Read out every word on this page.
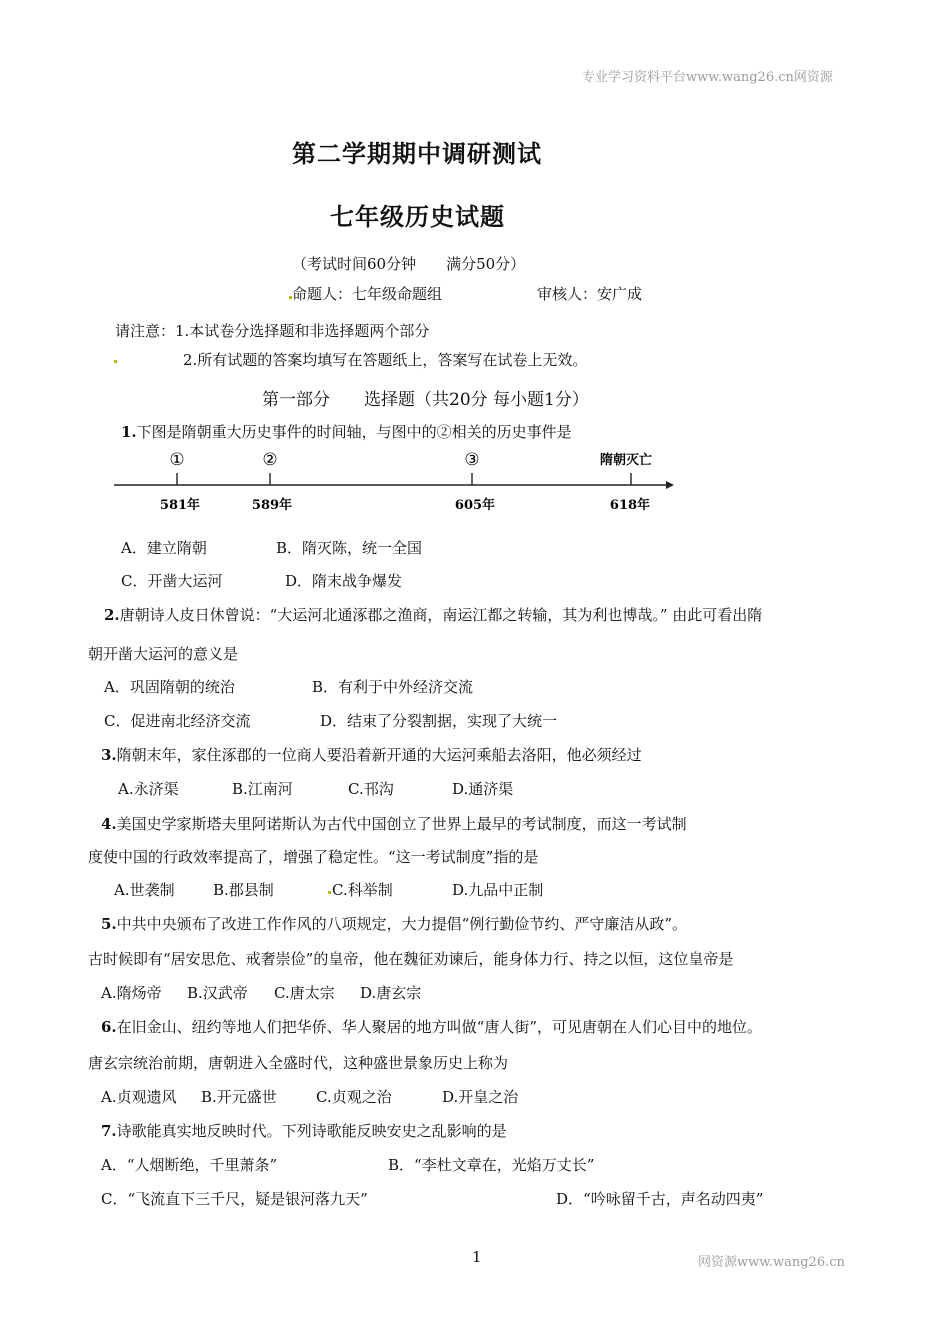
专业学习资料平台www.wang26.cn网资源
第二学期期中调研测试
七年级历史试题
（考试时间60分钟　　满分50分）
命题人：七年级命题组	审核人：安广成
请注意：1.本试卷分选择题和非选择题两个部分
2.所有试题的答案均填写在答题纸上，答案写在试卷上无效。
第一部分　　选择题（共20分 每小题1分）
1.下图是隋朝重大历史事件的时间轴，与图中的②相关的历史事件是
①	②	③	隋朝灭亡
581年	589年	605年	618年
A．建立隋朝	B．隋灭陈，统一全国
C．开凿大运河	D．隋末战争爆发
2.唐朝诗人皮日休曾说：“大运河北通涿郡之渔商，南运江都之转输，其为利也博哉。” 由此可看出隋
朝开凿大运河的意义是
A．巩固隋朝的统治	B．有利于中外经济交流
C．促进南北经济交流	D．结束了分裂割据，实现了大统一
3.隋朝末年，家住涿郡的一位商人要沿着新开通的大运河乘船去洛阳，他必须经过
A.永济渠	B.江南河	C.邗沟	D.通济渠
4.美国史学家斯塔夫里阿诺斯认为古代中国创立了世界上最早的考试制度，而这一考试制
度使中国的行政效率提高了，增强了稳定性。“这一考试制度”指的是
A.世袭制	B.郡县制	C.科举制	D.九品中正制
5.中共中央颁布了改进工作作风的八项规定，大力提倡“例行勤俭节约、严守廉洁从政”。
古时候即有“居安思危、戒奢崇俭”的皇帝，他在魏征劝谏后，能身体力行、持之以恒，这位皇帝是
A.隋炀帝 B.汉武帝 C.唐太宗 D.唐玄宗
6.在旧金山、纽约等地人们把华侨、华人聚居的地方叫做“唐人街”，可见唐朝在人们心目中的地位。
唐玄宗统治前期，唐朝进入全盛时代，这种盛世景象历史上称为
A.贞观遗风 B.开元盛世	C.贞观之治	D.开皇之治
7.诗歌能真实地反映时代。下列诗歌能反映安史之乱影响的是
A．“人烟断绝，千里萧条”	B．“李杜文章在，光焰万丈长”
C．“飞流直下三千尺，疑是银河落九天”	D．“吟咏留千古，声名动四夷”
1	网资源www.wang26.cn
